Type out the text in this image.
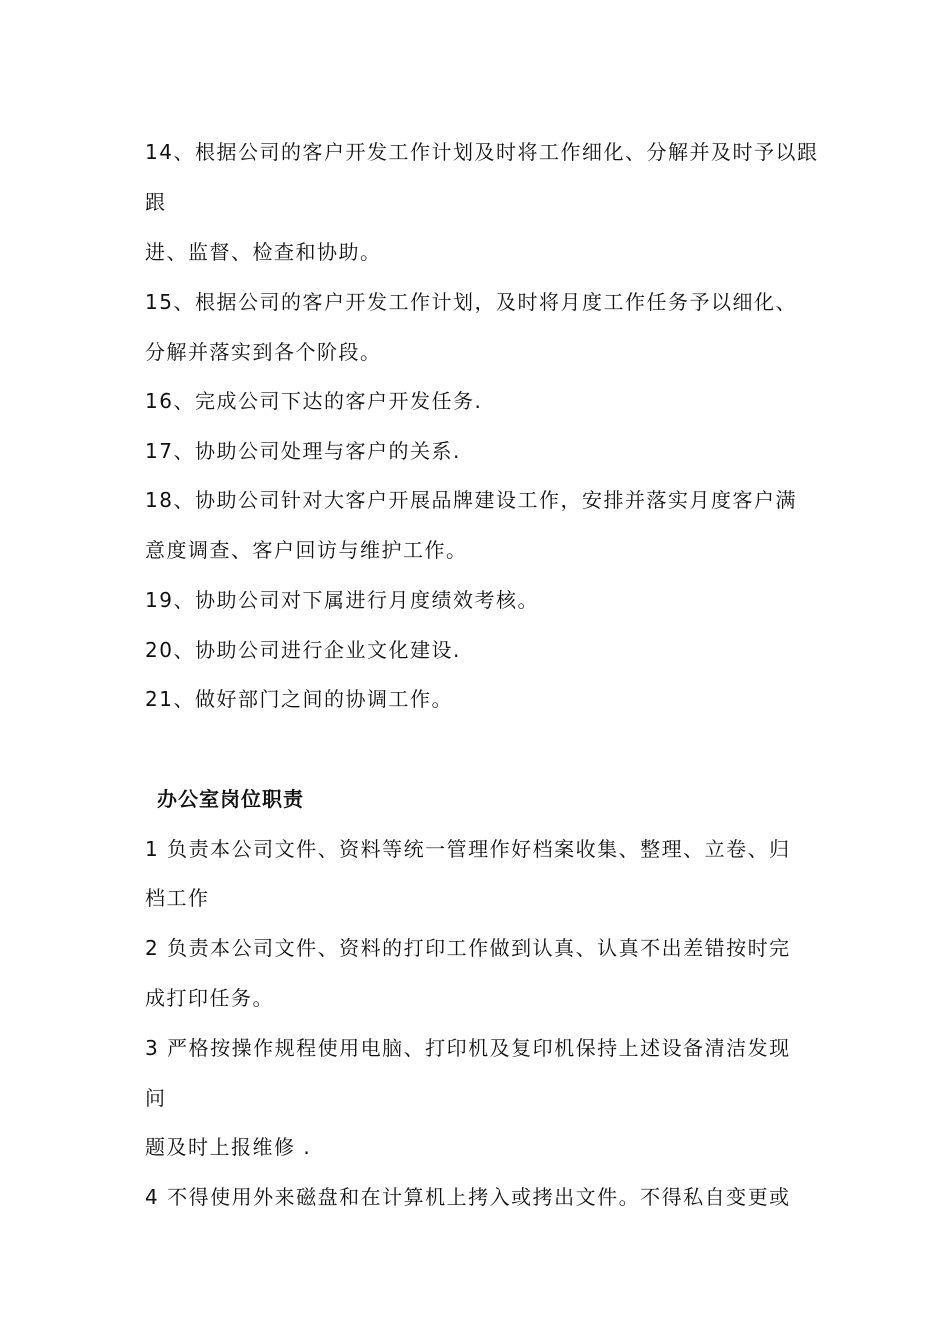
14、根据公司的客户开发工作计划及时将工作细化、分解并及时予以跟
跟
进、监督、检查和协助。
15、根据公司的客户开发工作计划，及时将月度工作任务予以细化、
分解并落实到各个阶段。
16、完成公司下达的客户开发任务.
17、协助公司处理与客户的关系.
18、协助公司针对大客户开展品牌建设工作，安排并落实月度客户满
意度调查、客户回访与维护工作。
19、协助公司对下属进行月度绩效考核。
20、协助公司进行企业文化建设.
21、做好部门之间的协调工作。
办公室岗位职责
1 负责本公司文件、资料等统一管理作好档案收集、整理、立卷、归
档工作
2 负责本公司文件、资料的打印工作做到认真、认真不出差错按时完
成打印任务。
3 严格按操作规程使用电脑、打印机及复印机保持上述设备清洁发现
问
题及时上报维修 .
4 不得使用外来磁盘和在计算机上拷入或拷出文件。不得私自变更或
